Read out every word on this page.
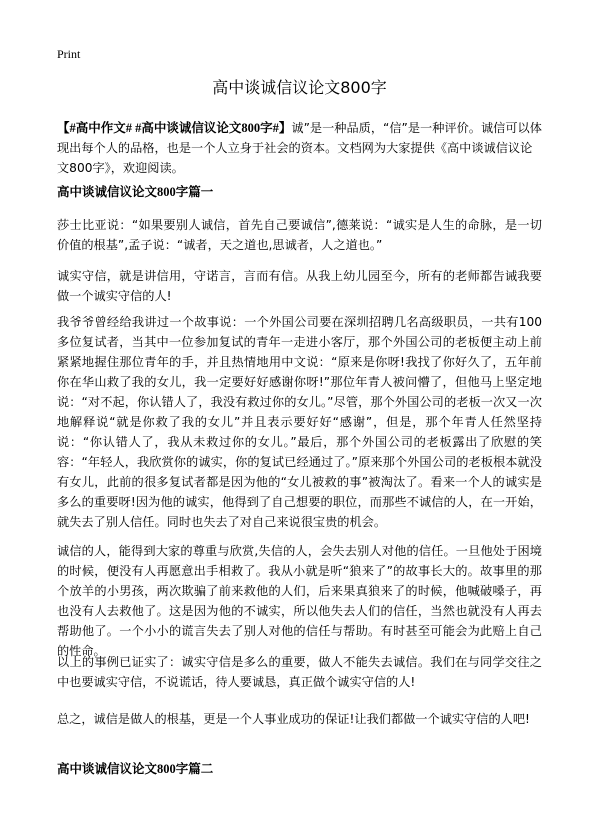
Print
高中谈诚信议论文800字

【#高中作文# #高中谈诚信议论文800字#】诚”是一种品质，“信”是一种评价。诚信可以体现出每个人的品格，也是一个人立身于社会的资本。文档网为大家提供《高中谈诚信议论文800字》，欢迎阅读。

高中谈诚信议论文800字篇一

莎士比亚说：“如果要别人诚信，首先自己要诚信”,德莱说：“诚实是人生的命脉，是一切价值的根基”,孟子说：“诚者，天之道也,思诚者，人之道也。”

诚实守信，就是讲信用，守诺言，言而有信。从我上幼儿园至今，所有的老师都告诫我要做一个诚实守信的人!

我爷爷曾经给我讲过一个故事说：一个外国公司要在深圳招聘几名高级职员，一共有100多位复试者，当其中一位参加复试的青年一走进小客厅，那个外国公司的老板便主动上前紧紧地握住那位青年的手，并且热情地用中文说：“原来是你呀!我找了你好久了，五年前你在华山救了我的女儿，我一定要好好感谢你呀!”那位年青人被问懵了，但他马上坚定地说：“对不起，你认错人了，我没有救过你的女儿。”尽管，那个外国公司的老板一次又一次地解释说“就是你救了我的女儿”并且表示要好好“感谢”，但是，那个年青人任然坚持说：“你认错人了，我从未救过你的女儿。”最后，那个外国公司的老板露出了欣慰的笑容：“年轻人，我欣赏你的诚实，你的复试已经通过了。”原来那个外国公司的老板根本就没有女儿，此前的很多复试者都是因为他的“女儿被救的事”被淘汰了。看来一个人的诚实是多么的重要呀!因为他的诚实，他得到了自己想要的职位，而那些不诚信的人，在一开始，就失去了别人信任。同时也失去了对自己来说很宝贵的机会。

诚信的人，能得到大家的尊重与欣赏,失信的人，会失去别人对他的信任。一旦他处于困境的时候，便没有人再愿意出手相救了。我从小就是听“狼来了”的故事长大的。故事里的那个放羊的小男孩，两次欺骗了前来救他的人们，后来果真狼来了的时候，他喊破嗓子，再也没有人去救他了。这是因为他的不诚实，所以他失去人们的信任，当然也就没有人再去帮助他了。一个小小的谎言失去了别人对他的信任与帮助。有时甚至可能会为此赔上自己的性命。

以上的事例已证实了：诚实守信是多么的重要，做人不能失去诚信。我们在与同学交往之中也要诚实守信，不说谎话，待人要诚恳，真正做个诚实守信的人!

总之，诚信是做人的根基，更是一个人事业成功的保证!让我们都做一个诚实守信的人吧!

高中谈诚信议论文800字篇二
